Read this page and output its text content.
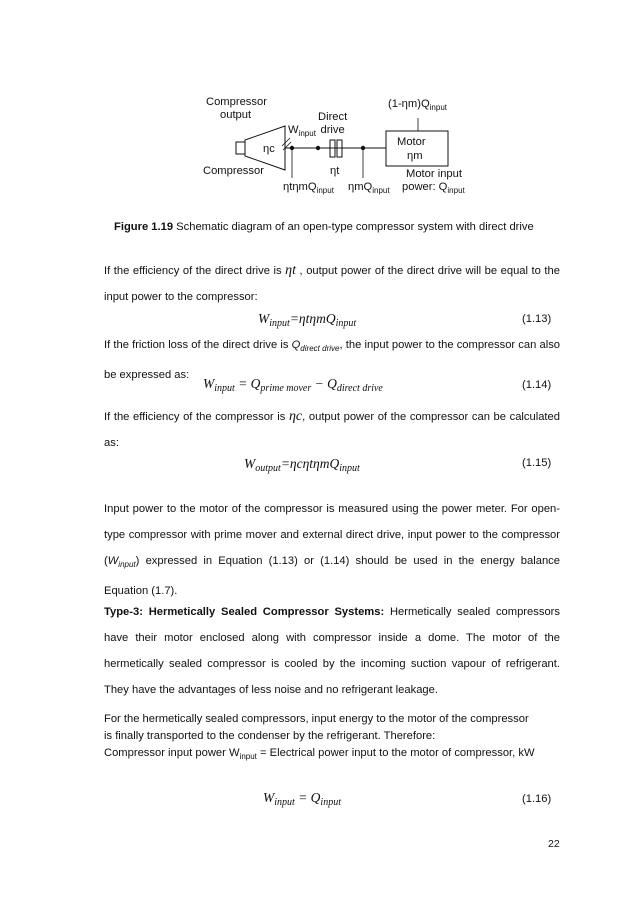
Compressor
output
Compressor
ηc
$W_{input}$
Direct
drive
ηt
ηtηmQ$_{input}$ ηmQ$_{input}$
Motor
ηm
$(1-\eta m)Q_{input}$
Motor input
power: $Q_{input}$
Figure 1.19 Schematic diagram of an open-type compressor system with direct drive
If the efficiency of the direct drive is ηt , output power of the direct drive will be equal to the input power to the compressor:
$W_{input}=\eta t\eta mQ_{input}$	(1.13)
If the friction loss of the direct drive is $Q_{direct drive}$, the input power to the compressor can also be expressed as:
$W_{input} = Q_{prime mover} - Q_{direct drive}$	(1.14)
If the efficiency of the compressor is ηc, output power of the compressor can be calculated as:
$W_{output}=\eta c\eta t\eta mQ_{input}$	(1.15)
Input power to the motor of the compressor is measured using the power meter. For open-type compressor with prime mover and external direct drive, input power to the compressor $(W_{input})$ expressed in Equation (1.13) or (1.14) should be used in the energy balance Equation (1.7).
Type-3: Hermetically Sealed Compressor Systems: Hermetically sealed compressors have their motor enclosed along with compressor inside a dome. The motor of the hermetically sealed compressor is cooled by the incoming suction vapour of refrigerant. They have the advantages of less noise and no refrigerant leakage.
For the hermetically sealed compressors, input energy to the motor of the compressor
is finally transported to the condenser by the refrigerant. Therefore:
Compressor input power $W_{input}$ = Electrical power input to the motor of compressor, kW
$W_{input} = Q_{input}$	(1.16)
22
